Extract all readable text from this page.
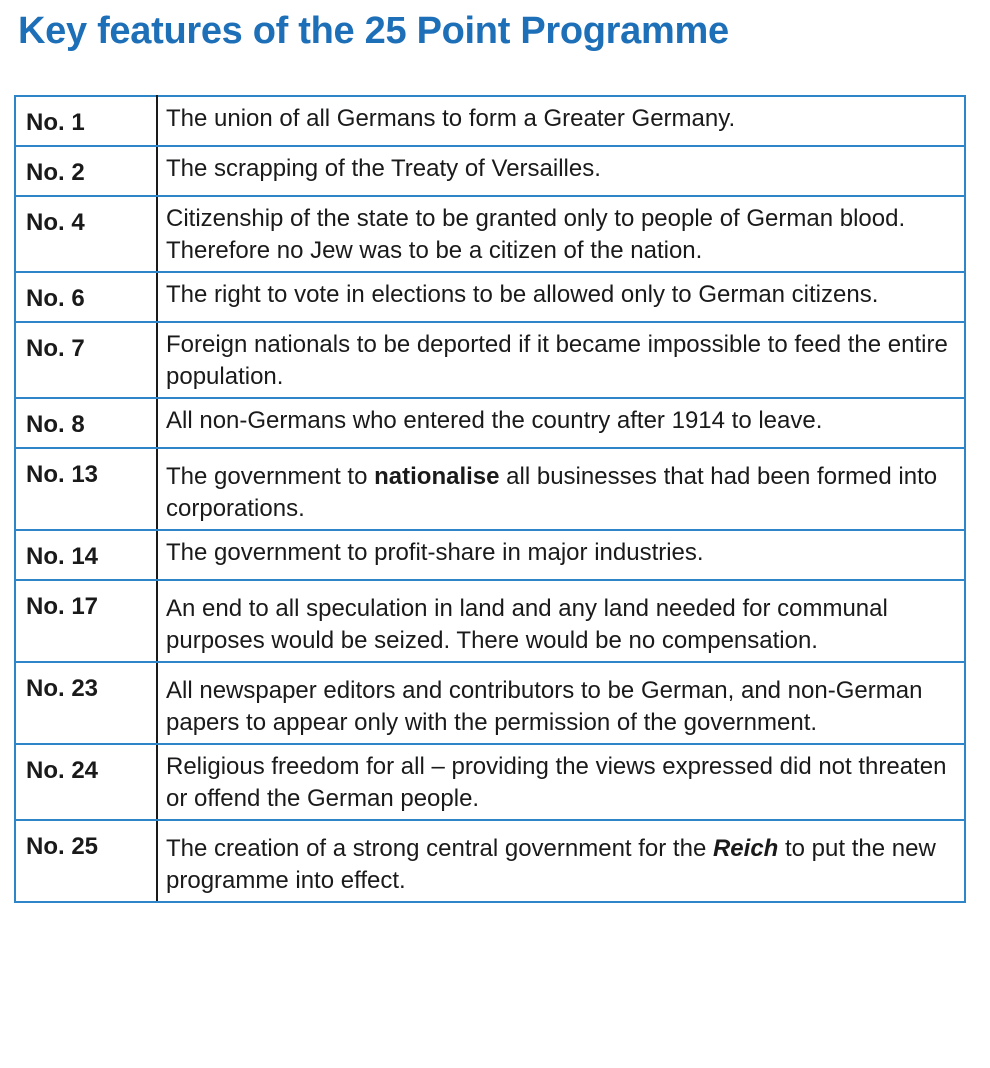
Key features of the 25 Point Programme
No. 1	The union of all Germans to form a Greater Germany.
No. 2	The scrapping of the Treaty of Versailles.
No. 4	Citizenship of the state to be granted only to people of German blood. Therefore no Jew was to be a citizen of the nation.
No. 6	The right to vote in elections to be allowed only to German citizens.
No. 7	Foreign nationals to be deported if it became impossible to feed the entire population.
No. 8	All non-Germans who entered the country after 1914 to leave.
No. 13	The government to nationalise all businesses that had been formed into corporations.
No. 14	The government to profit-share in major industries.
No. 17	An end to all speculation in land and any land needed for communal purposes would be seized. There would be no compensation.
No. 23	All newspaper editors and contributors to be German, and non-German papers to appear only with the permission of the government.
No. 24	Religious freedom for all – providing the views expressed did not threaten or offend the German people.
No. 25	The creation of a strong central government for the Reich to put the new programme into effect.
